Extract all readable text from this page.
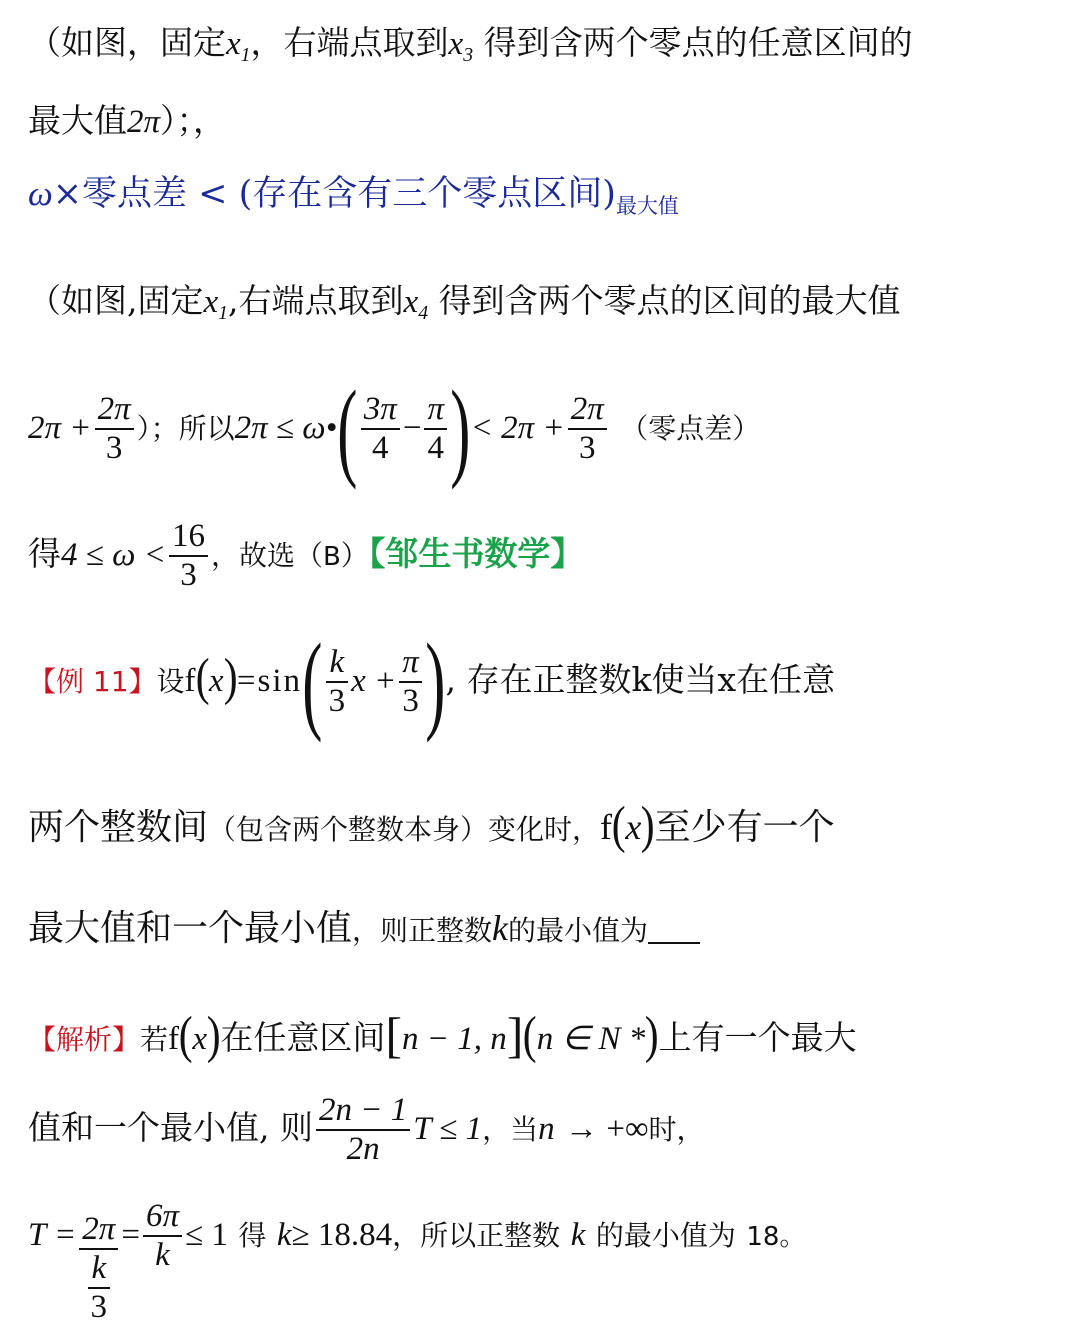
（如图，固定$x_1$，右端点取到$x_3$ 得到含两个零点的任意区间的
最大值2π）；，
ω×零点差 < (存在含有三个零点区间)$_{最大值}$
（如图,固定$x_1$,右端点取到$x_4$ 得到含两个零点的区间的最大值
$2\pi + \frac{2\pi}{3}$ ）；所以2π ≤ ω•( $\frac{3\pi}{4} - \frac{\pi}{4}$ )< $2\pi + \frac{2\pi}{3}$ （零点差）
得$4 \le \omega < \frac{16}{3}$ ，故选（B）【邹生书数学】
【例 11】设$f(x)=\sin( \frac{k}{3}$ $x + \frac{\pi}{3}$ ), 存在正整数k使当x在任意
两个整数间（包含两个整数本身）变化时，f(x)至少有一个
最大值和一个最小值，则正整数k的最小值为
【解析】若f(x)在任意区间[n − 1, n](n ∈ N *)上有一个最大
值和一个最小值, 则 $\frac{2n - 1}{2n}$ T ≤ 1，当n → +∞时，
$T = \frac{2\pi}{\frac{k}{3}} = \frac{6\pi}{k} \le 1$ 得 k≥ 18.84，所以正整数 k 的最小值为 18。
